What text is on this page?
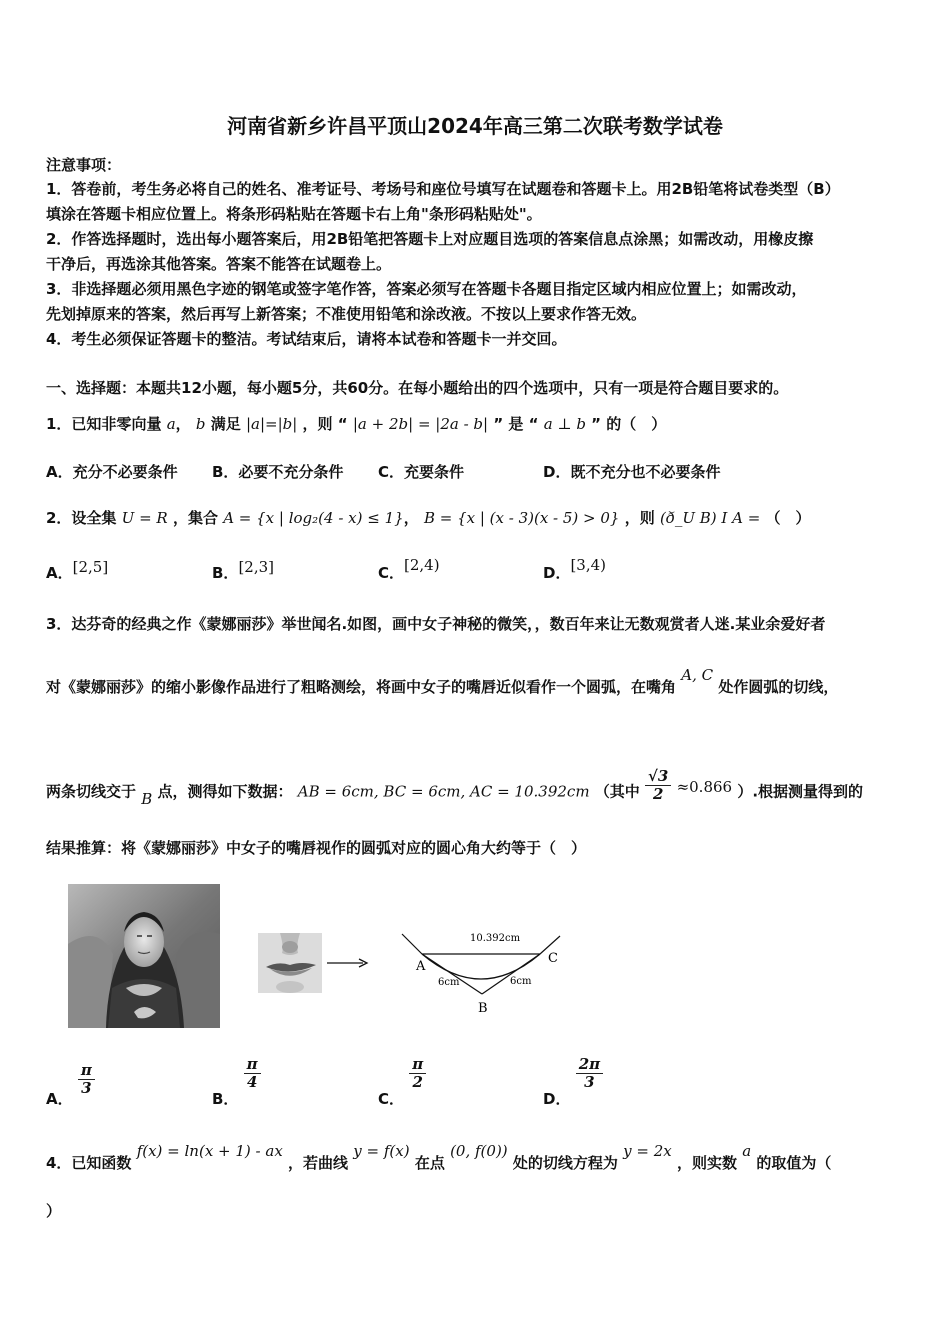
河南省新乡许昌平顶山2024年高三第二次联考数学试卷
注意事项：
1．答卷前，考生务必将自己的姓名、准考证号、考场号和座位号填写在试题卷和答题卡上。用2B铅笔将试卷类型（B）
填涂在答题卡相应位置上。将条形码粘贴在答题卡右上角"条形码粘贴处"。
2．作答选择题时，选出每小题答案后，用2B铅笔把答题卡上对应题目选项的答案信息点涂黑；如需改动，用橡皮擦
干净后，再选涂其他答案。答案不能答在试题卷上。
3．非选择题必须用黑色字迹的钢笔或签字笔作答，答案必须写在答题卡各题目指定区域内相应位置上；如需改动，
先划掉原来的答案，然后再写上新答案；不准使用铅笔和涂改液。不按以上要求作答无效。
4．考生必须保证答题卡的整洁。考试结束后，请将本试卷和答题卡一并交回。
一、选择题：本题共12小题，每小题5分，共60分。在每小题给出的四个选项中，只有一项是符合题目要求的。
1．已知非零向量 a， b 满足 |a|=|b| ，则 “ |a + 2b| = |2a - b| ” 是 “ a ⊥ b ” 的（　）
A．充分不必要条件 B．必要不充分条件 C．充要条件	D．既不充分也不必要条件
2．设全集 U = R ，集合 A = {x | log₂(4 - x) ≤ 1}， B = {x | (x - 3)(x - 5) > 0} ，则 (ð_U B) I A = （　）
A．[2,5]	B．[2,3]	C．[2,4)	D．[3,4)
3．达芬奇的经典之作《蒙娜丽莎》举世闻名.如图，画中女子神秘的微笑，，数百年来让无数观赏者人迷.某业余爱好者
对《蒙娜丽莎》的缩小影像作品进行了粗略测绘，将画中女子的嘴唇近似看作一个圆弧，在嘴角 A, C 处作圆弧的切线，
两条切线交于 B 点，测得如下数据： AB = 6cm, BC = 6cm, AC = 10.392cm （其中 $\frac{√3}{2} \approx 0.866$ ）.根据测量得到的
结果推算：将《蒙娜丽莎》中女子的嘴唇视作的圆弧对应的圆心角大约等于（　）
10.392cm
A
C
B
6cm	6cm
A．
$\frac{\pi}{3}$
B．
$\frac{\pi}{4}$
C．
$\frac{\pi}{2}$
D．
$\frac{2\pi}{3}$
4．已知函数 f(x) = ln(x + 1) - ax ，若曲线 y = f(x) 在点 (0, f(0)) 处的切线方程为 y = 2x ，则实数 a 的取值为（
）
